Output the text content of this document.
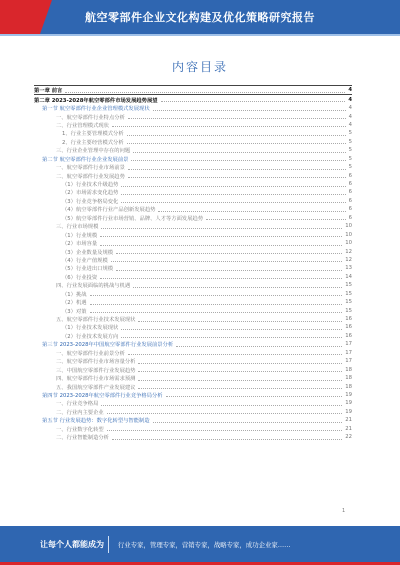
航空零部件企业文化构建及优化策略研究报告
内容目录
第一章 前言	4
第二章 2023-2028年航空零部件市场发展趋势展望	4
第一节 航空零部件行业企业管理模式发展现状	4
一、航空零部件行业特点分析	4
二、行业管理模式现状	4
1、行业主要管理模式分析	5
2、行业主要经营模式分析	5
三、行业企业管理中存在的问题	5
第二节 航空零部件行业企业发展前景	5
一、航空零部件行业市场前景	5
二、航空零部件行业发展趋势	6
（1）行业技术升级趋势	6
（2）市场需求变化趋势	6
（3）行业竞争格局变化	6
（4）航空零部件行业产品创新发展趋势	6
（5）航空零部件行业市场营销、品牌、人才等方面发展趋势	6
三、行业市场规模	10
（1）行业规模	10
（2）市场容量	10
（3）企业数量及规模	12
（4）行业产值规模	12
（5）行业进出口规模	13
（6）行业投资	14
四、行业发展面临的挑战与机遇	15
（1）挑战	15
（2）机遇	15
（3）对策	15
五、航空零部件行业技术发展现状	16
（1）行业技术发展现状	16
（2）行业技术发展方向	16
第三节 2023-2028年中国航空零部件行业发展前景分析	17
一、航空零部件行业前景分析	17
二、航空零部件行业市场容量分析	17
三、中国航空零部件行业发展趋势	18
四、航空零部件行业市场需求预测	18
五、我国航空零部件产业发展建议	18
第四节 2023-2028年航空零部件行业竞争格局分析	19
一、行业竞争格局	19
二、行业内主要企业	19
第五节 行业发展趋势：数字化转型与智能制造	21
一、行业数字化转型	21
二、行业智能制造分析	22
1
让每个人都能成为 行业专家，管理专家，营销专家，战略专家，成功企业家……
